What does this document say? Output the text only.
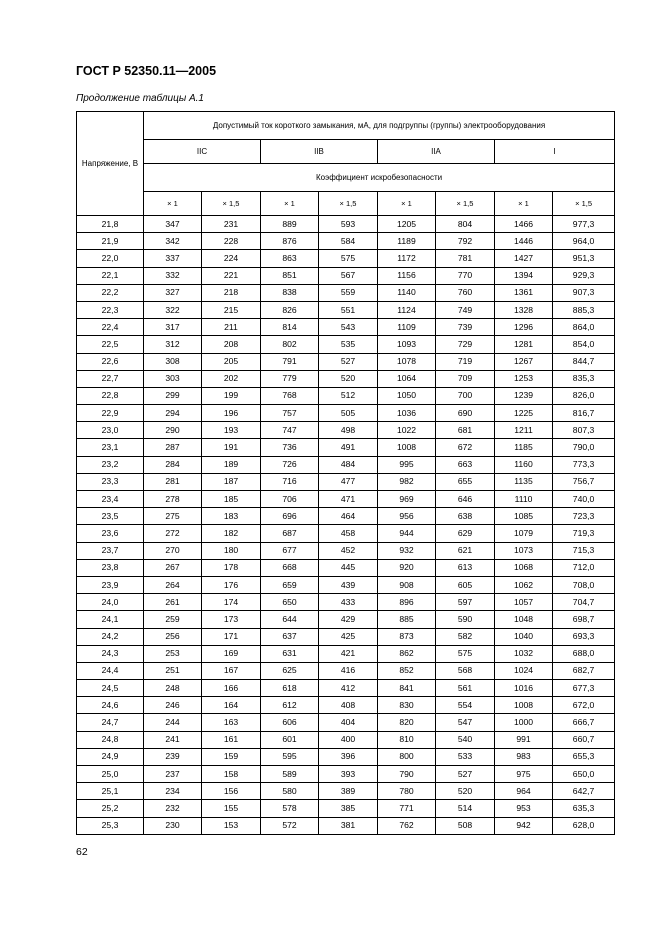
ГОСТ Р 52350.11—2005
Продолжение таблицы А.1
Напряжение, В	Допустимый ток короткого замыкания, мА, для подгруппы (группы) электрооборудования							
	IIC		IIB		IIA		I	
	Коэффициент искробезопасности							
	× 1	× 1,5	× 1	× 1,5	× 1	× 1,5	× 1	× 1,5
21,8	347	231	889	593	1205	804	1466	977,3
21,9	342	228	876	584	1189	792	1446	964,0
22,0	337	224	863	575	1172	781	1427	951,3
22,1	332	221	851	567	1156	770	1394	929,3
22,2	327	218	838	559	1140	760	1361	907,3
22,3	322	215	826	551	1124	749	1328	885,3
22,4	317	211	814	543	1109	739	1296	864,0
22,5	312	208	802	535	1093	729	1281	854,0
22,6	308	205	791	527	1078	719	1267	844,7
22,7	303	202	779	520	1064	709	1253	835,3
22,8	299	199	768	512	1050	700	1239	826,0
22,9	294	196	757	505	1036	690	1225	816,7
23,0	290	193	747	498	1022	681	1211	807,3
23,1	287	191	736	491	1008	672	1185	790,0
23,2	284	189	726	484	995	663	1160	773,3
23,3	281	187	716	477	982	655	1135	756,7
23,4	278	185	706	471	969	646	1110	740,0
23,5	275	183	696	464	956	638	1085	723,3
23,6	272	182	687	458	944	629	1079	719,3
23,7	270	180	677	452	932	621	1073	715,3
23,8	267	178	668	445	920	613	1068	712,0
23,9	264	176	659	439	908	605	1062	708,0
24,0	261	174	650	433	896	597	1057	704,7
24,1	259	173	644	429	885	590	1048	698,7
24,2	256	171	637	425	873	582	1040	693,3
24,3	253	169	631	421	862	575	1032	688,0
24,4	251	167	625	416	852	568	1024	682,7
24,5	248	166	618	412	841	561	1016	677,3
24,6	246	164	612	408	830	554	1008	672,0
24,7	244	163	606	404	820	547	1000	666,7
24,8	241	161	601	400	810	540	991	660,7
24,9	239	159	595	396	800	533	983	655,3
25,0	237	158	589	393	790	527	975	650,0
25,1	234	156	580	389	780	520	964	642,7
25,2	232	155	578	385	771	514	953	635,3
25,3	230	153	572	381	762	508	942	628,0
62
